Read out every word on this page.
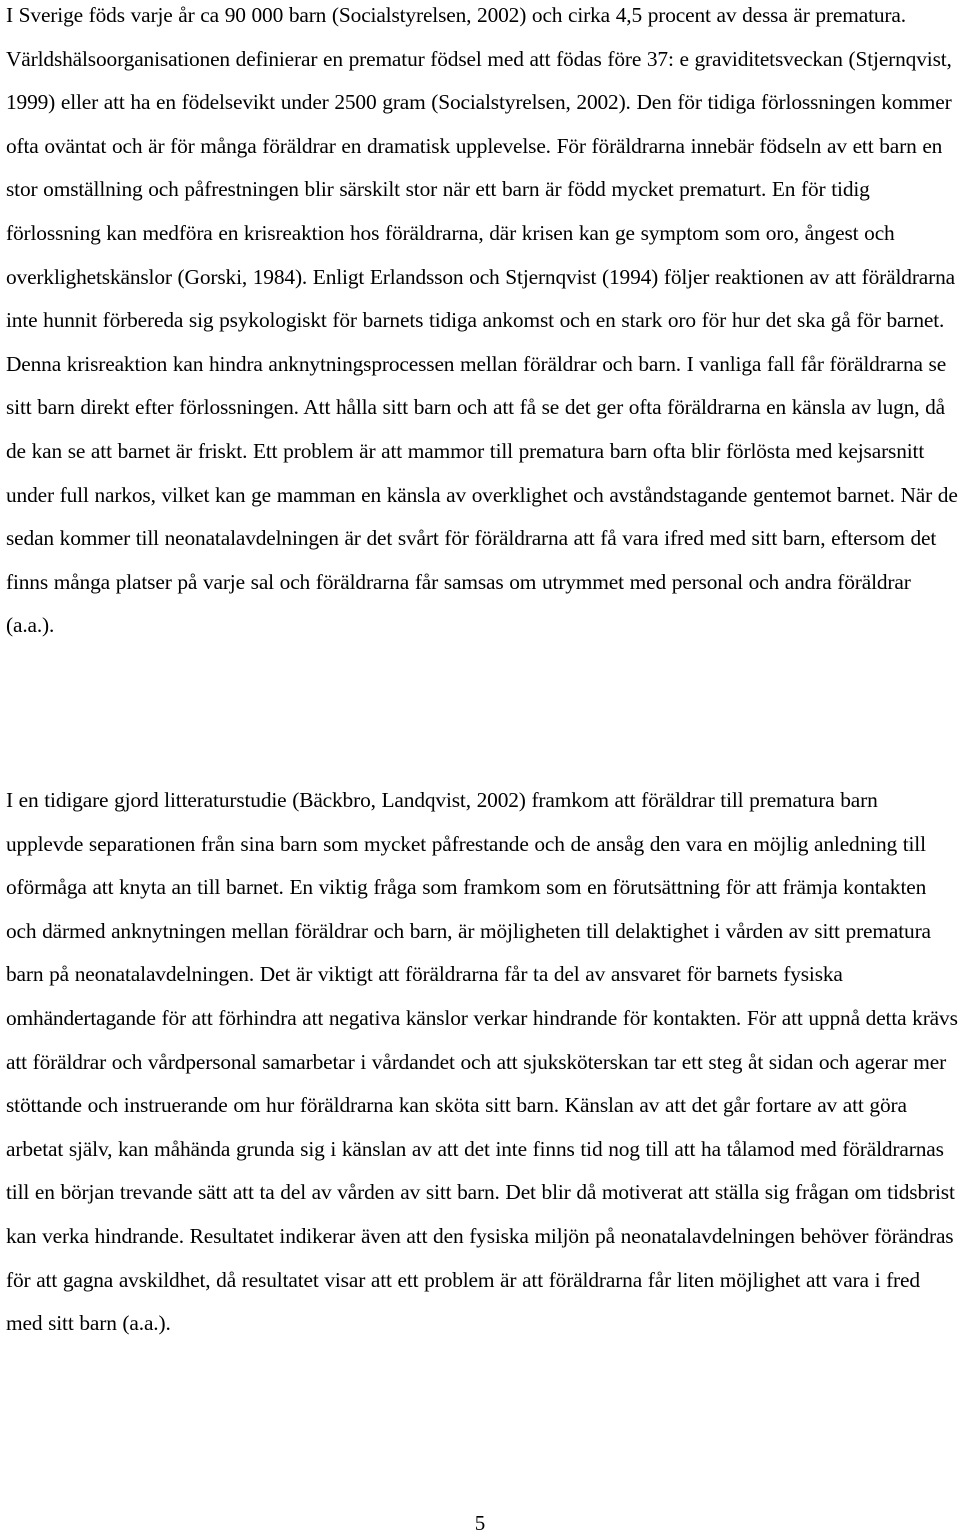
I Sverige föds varje år ca 90 000 barn (Socialstyrelsen, 2002) och cirka 4,5 procent av dessa är prematura. Världshälsoorganisationen definierar en prematur födsel med att födas före 37: e graviditetsveckan (Stjernqvist, 1999) eller att ha en födelsevikt under 2500 gram (Socialstyrelsen, 2002). Den för tidiga förlossningen kommer ofta oväntat och är för många föräldrar en dramatisk upplevelse. För föräldrarna innebär födseln av ett barn en stor omställning och påfrestningen blir särskilt stor när ett barn är född mycket prematurt. En för tidig förlossning kan medföra en krisreaktion hos föräldrarna, där krisen kan ge symptom som oro, ångest och overklighetskänslor (Gorski, 1984). Enligt Erlandsson och Stjernqvist (1994) följer reaktionen av att föräldrarna inte hunnit förbereda sig psykologiskt för barnets tidiga ankomst och en stark oro för hur det ska gå för barnet. Denna krisreaktion kan hindra anknytningsprocessen mellan föräldrar och barn. I vanliga fall får föräldrarna se sitt barn direkt efter förlossningen. Att hålla sitt barn och att få se det ger ofta föräldrarna en känsla av lugn, då de kan se att barnet är friskt. Ett problem är att mammor till prematura barn ofta blir förlösta med kejsarsnitt under full narkos, vilket kan ge mamman en känsla av overklighet och avståndstagande gentemot barnet. När de sedan kommer till neonatalavdelningen är det svårt för föräldrarna att få vara ifred med sitt barn, eftersom det finns många platser på varje sal och föräldrarna får samsas om utrymmet med personal och andra föräldrar (a.a.).

I en tidigare gjord litteraturstudie (Bäckbro, Landqvist, 2002) framkom att föräldrar till prematura barn upplevde separationen från sina barn som mycket påfrestande och de ansåg den vara en möjlig anledning till oförmåga att knyta an till barnet. En viktig fråga som framkom som en förutsättning för att främja kontakten och därmed anknytningen mellan föräldrar och barn, är möjligheten till delaktighet i vården av sitt prematura barn på neonatalavdelningen. Det är viktigt att föräldrarna får ta del av ansvaret för barnets fysiska omhändertagande för att förhindra att negativa känslor verkar hindrande för kontakten. För att uppnå detta krävs att föräldrar och vårdpersonal samarbetar i vårdandet och att sjuksköterskan tar ett steg åt sidan och agerar mer stöttande och instruerande om hur föräldrarna kan sköta sitt barn. Känslan av att det går fortare av att göra arbetat själv, kan måhända grunda sig i känslan av att det inte finns tid nog till att ha tålamod med föräldrarnas till en början trevande sätt att ta del av vården av sitt barn. Det blir då motiverat att ställa sig frågan om tidsbrist kan verka hindrande. Resultatet indikerar även att den fysiska miljön på neonatalavdelningen behöver förändras för att gagna avskildhet, då resultatet visar att ett problem är att föräldrarna får liten möjlighet att vara i fred med sitt barn (a.a.).

5
